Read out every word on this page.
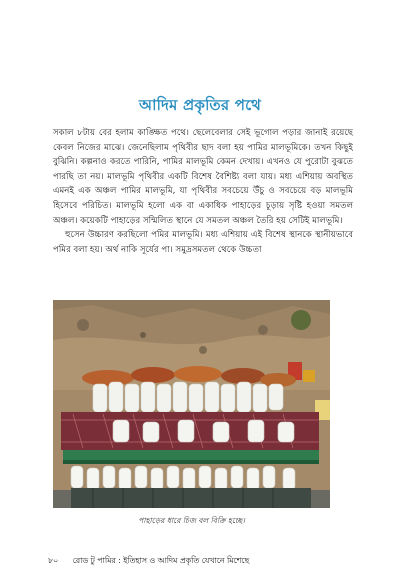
আদিম প্রকৃতির পথে

সকাল ৮টায় বের হলাম কাঙ্ক্ষিত পথে। ছেলেবেলার সেই ভূগোল পড়ার জানাই রয়েছে কেবল নিজের মাঝে। জেনেছিলাম পৃথিবীর ছাদ বলা হয় পামির মালভূমিকে। তখন কিছুই বুঝিনি। কল্পনাও করতে পারিনি, পামির মালভূমি কেমন দেখায়। এখনও যে পুরোটা বুঝতে পারছি তা নয়। মালভূমি পৃথিবীর একটি বিশেষ বৈশিষ্ট্য বলা যায়। মধ্য এশিয়ায় অবস্থিত এমনই এক অঞ্চল পামির মালভূমি, যা পৃথিবীর সবচেয়ে উঁচু ও সবচেয়ে বড় মালভূমি হিসেবে পরিচিত। মালভূমি হলো এক বা একাধিক পাহাড়ের চূড়ায় সৃষ্টি হওয়া সমতল অঞ্চল। কয়েকটি পাহাড়ের সন্মিলিত স্থানে যে সমতল অঞ্চল তৈরি হয় সেটিই মালভূমি।

হুসেন উচ্চারণ করছিলো পমির মালভূমি। মধ্য এশিয়ায় এই বিশেষ স্থানকে স্থানীয়ভাবে পমির বলা হয়। অর্থ নাকি সূর্যের পা। সমুদ্রসমতল থেকে উচ্চতা

পাহাড়ের ধারে চিজ বল বিক্রি হচ্ছে।
৮০ রোড টু পামির : ইতিহাস ও আদিম প্রকৃতি যেখানে মিশেছে
